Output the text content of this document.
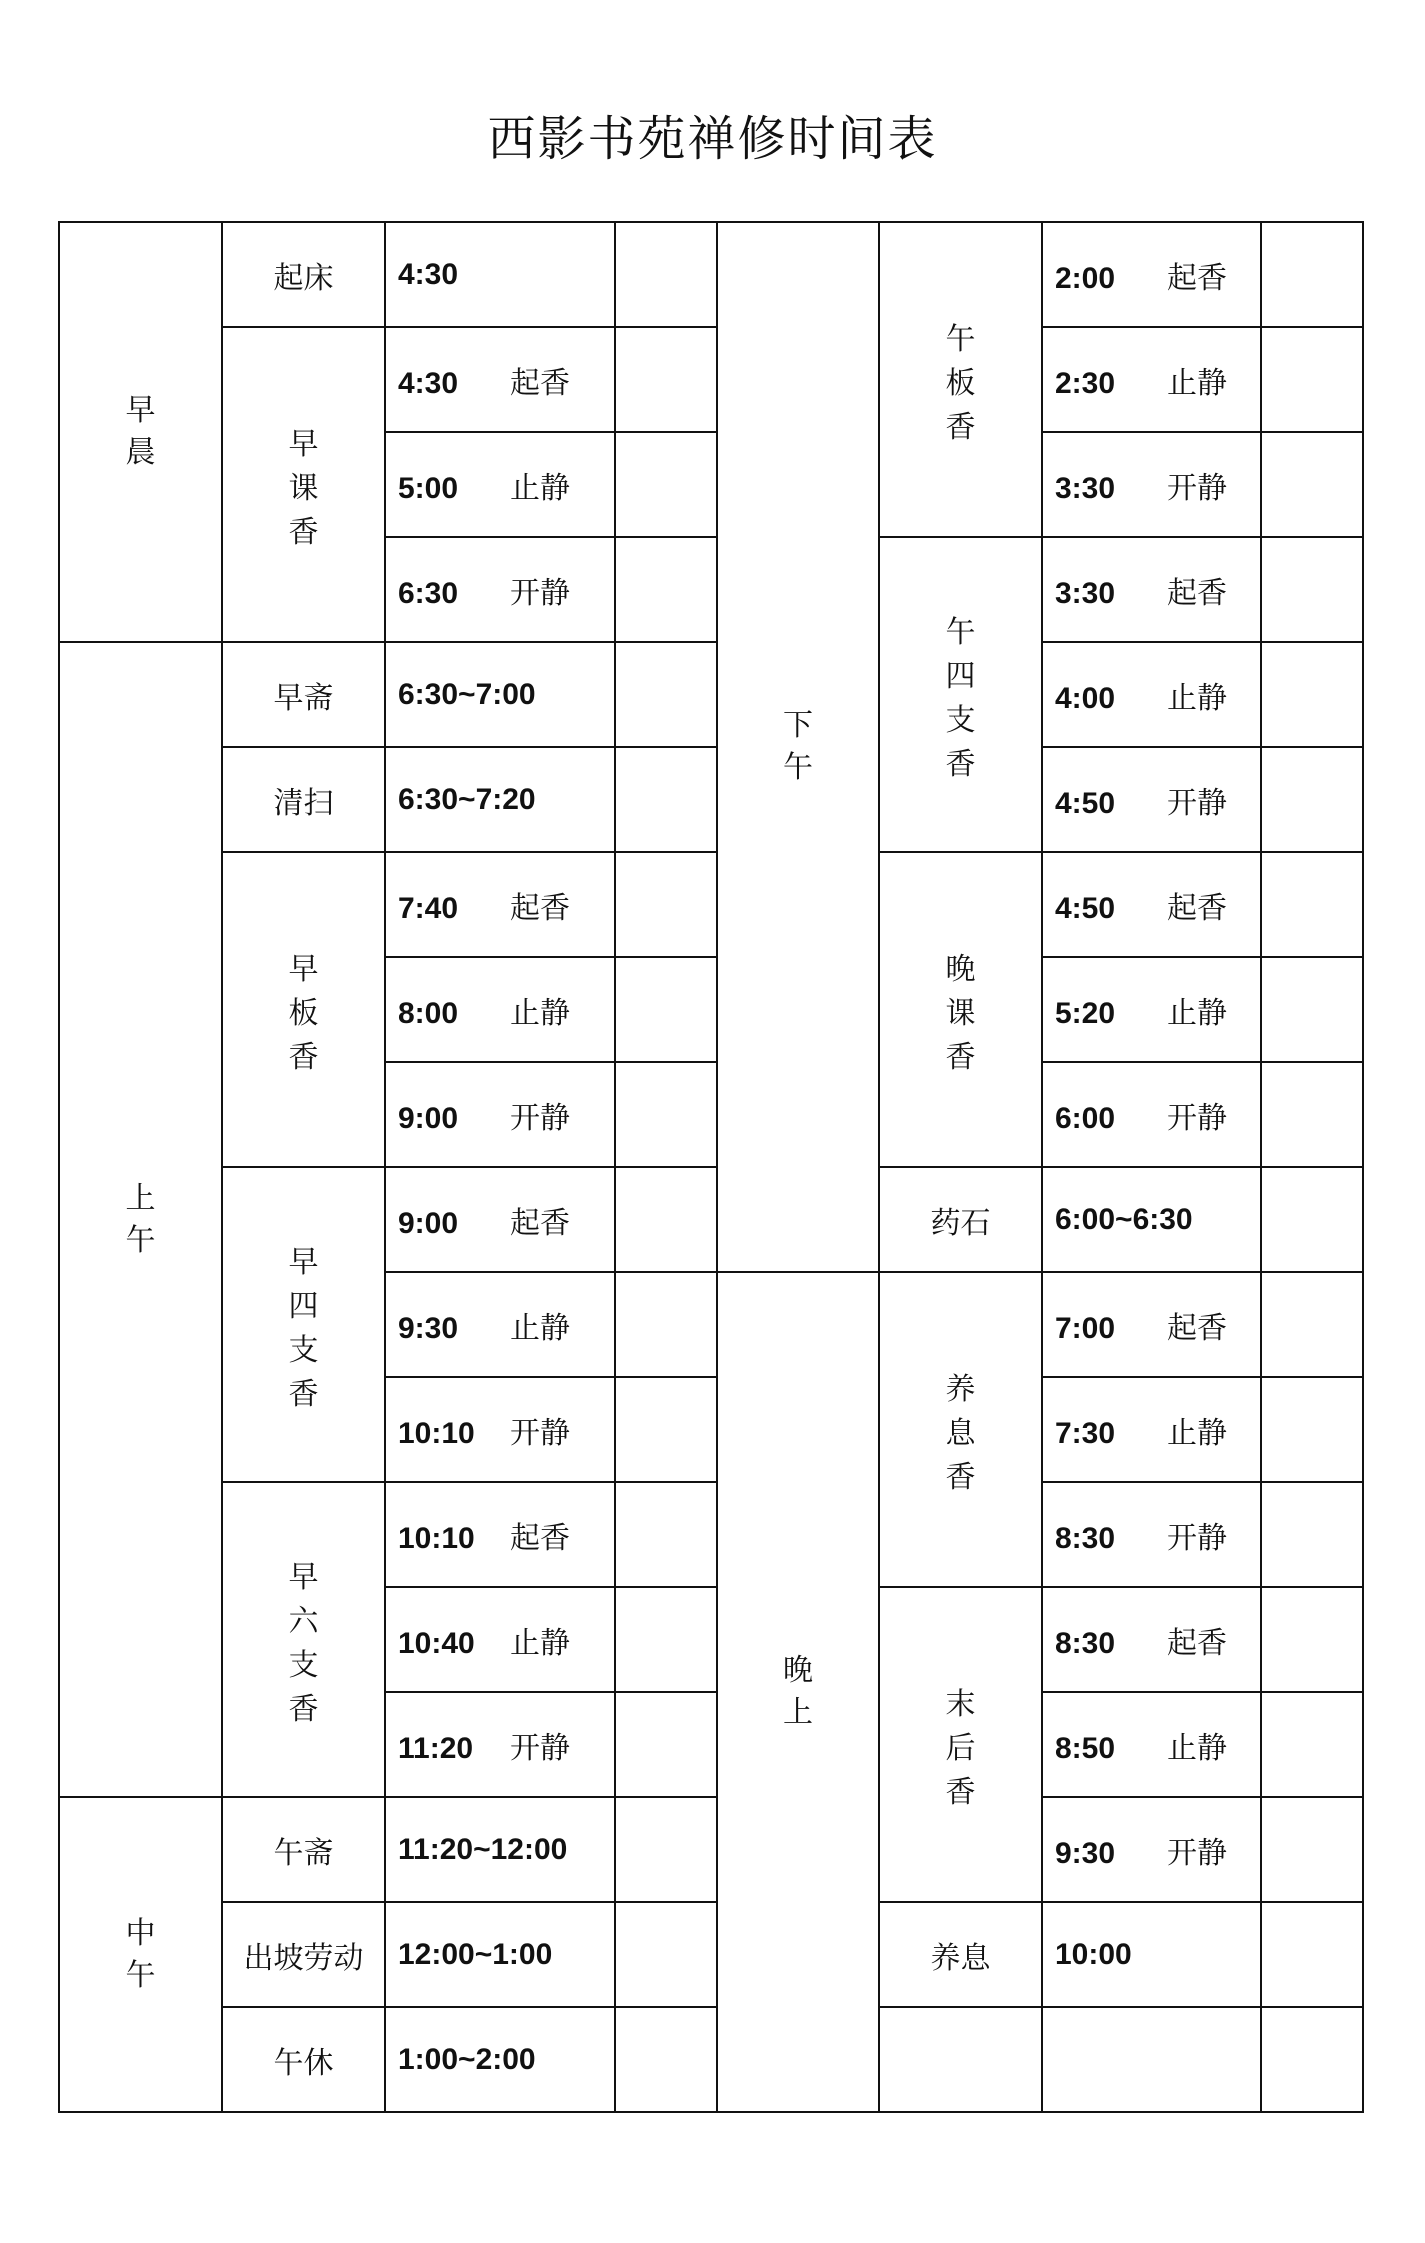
西影书苑禅修时间表
早晨	起床	4:30		下午	午板香	2:00 起香	
	早课香	4:30 起香				2:30 止静	
		5:00 止静				3:30 开静	
		6:30 开静			午四支香	3:30 起香	
上午	早斋	6:30~7:00				4:00 止静	
	清扫	6:30~7:20				4:50 开静	
	早板香	7:40 起香			晚课香	4:50 起香	
		8:00 止静				5:20 止静	
		9:00 开静				6:00 开静	
	早四支香	9:00 起香			药石	6:00~6:30	
		9:30 止静		晚上	养息香	7:00 起香	
		10:10 开静				7:30 止静	
	早六支香	10:10 起香				8:30 开静	
		10:40 止静			末后香	8:30 起香	
		11:20 开静				8:50 止静	
中午	午斋	11:20~12:00				9:30 开静	
	出坡劳动	12:00~1:00			养息	10:00	
	午休	1:00~2:00					
